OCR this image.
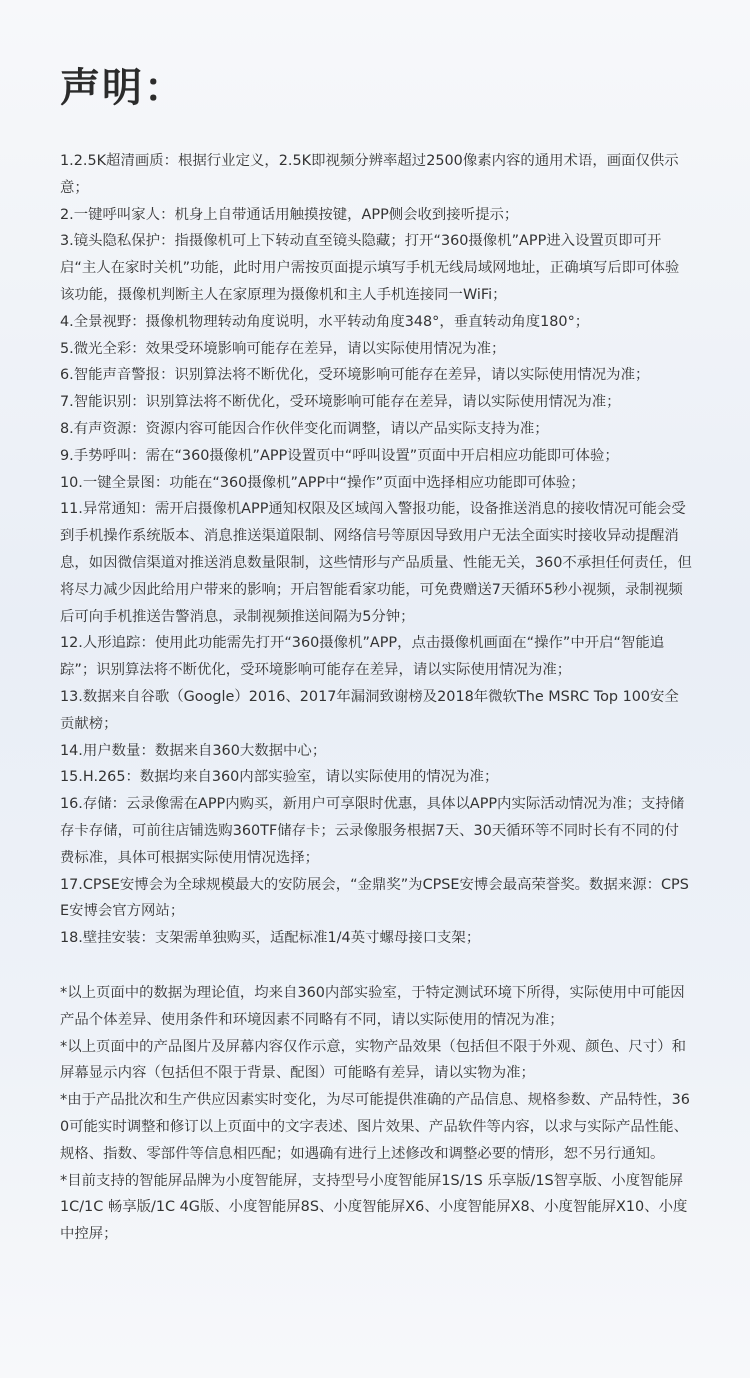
声明：
1.2.5K超清画质：根据行业定义，2.5K即视频分辨率超过2500像素内容的通用术语，画面仅供示意；
2.一键呼叫家人：机身上自带通话用触摸按键，APP侧会收到接听提示；
3.镜头隐私保护：指摄像机可上下转动直至镜头隐藏；打开“360摄像机”APP进入设置页即可开启“主人在家时关机”功能，此时用户需按页面提示填写手机无线局域网地址，正确填写后即可体验该功能，摄像机判断主人在家原理为摄像机和主人手机连接同一WiFi；
4.全景视野：摄像机物理转动角度说明，水平转动角度348°，垂直转动角度180°；
5.微光全彩：效果受环境影响可能存在差异，请以实际使用情况为准；
6.智能声音警报：识别算法将不断优化，受环境影响可能存在差异，请以实际使用情况为准；
7.智能识别：识别算法将不断优化，受环境影响可能存在差异，请以实际使用情况为准；
8.有声资源：资源内容可能因合作伙伴变化而调整，请以产品实际支持为准；
9.手势呼叫：需在“360摄像机”APP设置页中“呼叫设置”页面中开启相应功能即可体验；
10.一键全景图：功能在“360摄像机”APP中“操作”页面中选择相应功能即可体验；
11.异常通知：需开启摄像机APP通知权限及区域闯入警报功能，设备推送消息的接收情况可能会受到手机操作系统版本、消息推送渠道限制、网络信号等原因导致用户无法全面实时接收异动提醒消息，如因微信渠道对推送消息数量限制，这些情形与产品质量、性能无关，360不承担任何责任，但将尽力减少因此给用户带来的影响；开启智能看家功能，可免费赠送7天循环5秒小视频，录制视频后可向手机推送告警消息，录制视频推送间隔为5分钟；
12.人形追踪：使用此功能需先打开“360摄像机”APP，点击摄像机画面在“操作”中开启“智能追踪”；识别算法将不断优化，受环境影响可能存在差异，请以实际使用情况为准；
13.数据来自谷歌（Google）2016、2017年漏洞致谢榜及2018年微软The MSRC Top 100安全贡献榜；
14.用户数量：数据来自360大数据中心；
15.H.265：数据均来自360内部实验室，请以实际使用的情况为准；
16.存储：云录像需在APP内购买，新用户可享限时优惠，具体以APP内实际活动情况为准；支持储存卡存储，可前往店铺选购360TF储存卡；云录像服务根据7天、30天循环等不同时长有不同的付费标准，具体可根据实际使用情况选择；
17.CPSE安博会为全球规模最大的安防展会，“金鼎奖”为CPSE安博会最高荣誉奖。数据来源：CPSE安博会官方网站；
18.壁挂安装：支架需单独购买，适配标准1/4英寸螺母接口支架；
*以上页面中的数据为理论值，均来自360内部实验室，于特定测试环境下所得，实际使用中可能因产品个体差异、使用条件和环境因素不同略有不同，请以实际使用的情况为准；
*以上页面中的产品图片及屏幕内容仅作示意，实物产品效果（包括但不限于外观、颜色、尺寸）和屏幕显示内容（包括但不限于背景、配图）可能略有差异，请以实物为准；
*由于产品批次和生产供应因素实时变化，为尽可能提供准确的产品信息、规格参数、产品特性，360可能实时调整和修订以上页面中的文字表述、图片效果、产品软件等内容，以求与实际产品性能、规格、指数、零部件等信息相匹配；如遇确有进行上述修改和调整必要的情形，恕不另行通知。
*目前支持的智能屏品牌为小度智能屏，支持型号小度智能屏1S/1S 乐享版/1S智享版、小度智能屏1C/1C 畅享版/1C 4G版、小度智能屏8S、小度智能屏X6、小度智能屏X8、小度智能屏X10、小度中控屏；
